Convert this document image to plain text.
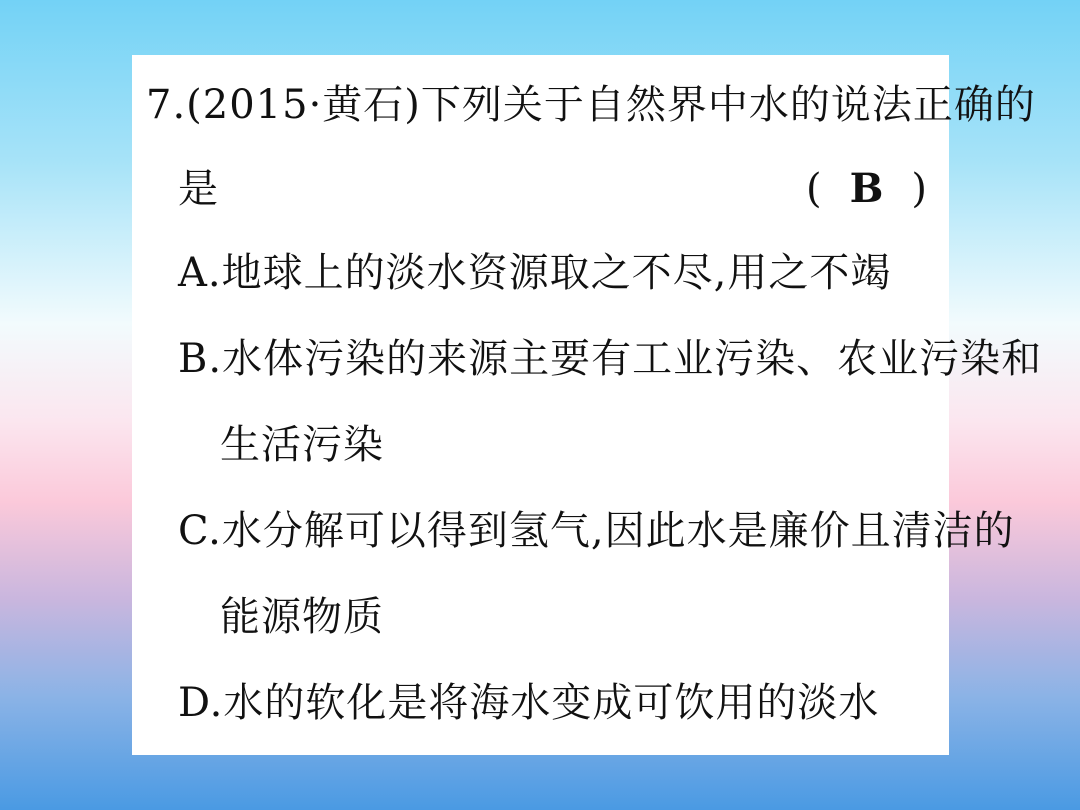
7.(2015·黄石)下列关于自然界中水的说法正确的
是	( B )
A.地球上的淡水资源取之不尽,用之不竭
B.水体污染的来源主要有工业污染、农业污染和
生活污染
C.水分解可以得到氢气,因此水是廉价且清洁的
能源物质
D.水的软化是将海水变成可饮用的淡水
